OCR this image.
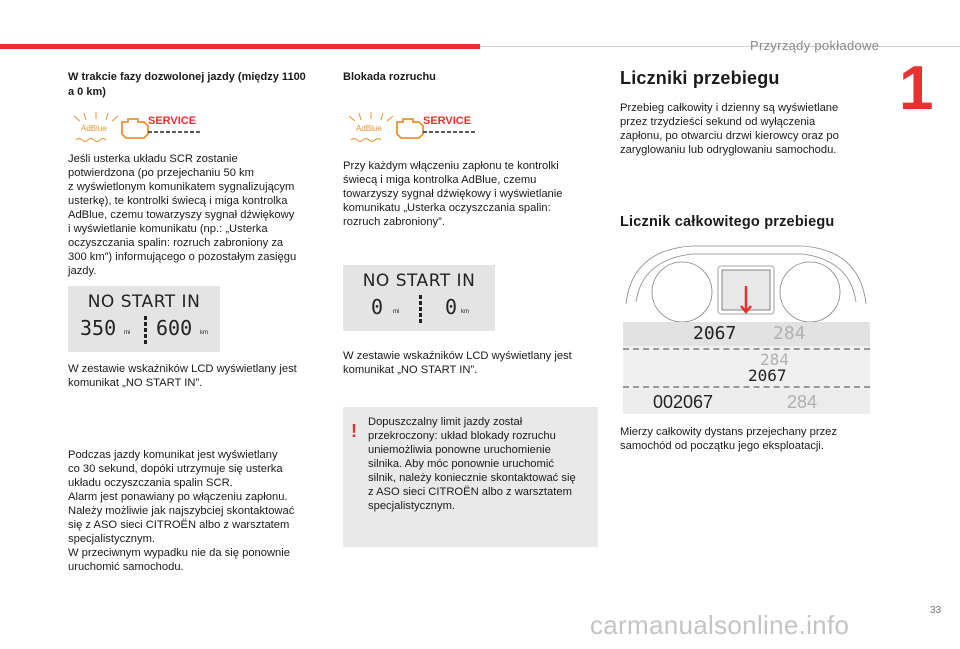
Przyrządy pokładowe
1
W trakcie fazy dozwolonej jazdy (między 1100 a 0 km)
AdBlue
SERVICE
Jeśli usterka układu SCR zostanie
potwierdzona (po przejechaniu 50 km
z wyświetlonym komunikatem sygnalizującym
usterkę), te kontrolki świecą i miga kontrolka
AdBlue, czemu towarzyszy sygnał dźwiękowy
i wyświetlanie komunikatu (np.: „Usterka
oczyszczania spalin: rozruch zabroniony za
300 km”) informującego o pozostałym zasięgu
jazdy.
NO START IN
350 mi 600 km
W zestawie wskaźników LCD wyświetlany jest
komunikat „NO START IN”.
Podczas jazdy komunikat jest wyświetlany
co 30 sekund, dopóki utrzymuje się usterka
układu oczyszczania spalin SCR.
Alarm jest ponawiany po włączeniu zapłonu.
Należy możliwie jak najszybciej skontaktować
się z ASO sieci CITROËN albo z warsztatem
specjalistycznym.
W przeciwnym wypadku nie da się ponownie
uruchomić samochodu.
Blokada rozruchu
AdBlue
SERVICE
Przy każdym włączeniu zapłonu te kontrolki
świecą i miga kontrolka AdBlue, czemu
towarzyszy sygnał dźwiękowy i wyświetlanie
komunikatu „Usterka oczyszczania spalin:
rozruch zabroniony”.
NO START IN
0 mi 0 km
W zestawie wskaźników LCD wyświetlany jest
komunikat „NO START IN”.
! Dopuszczalny limit jazdy został
przekroczony: układ blokady rozruchu
uniemożliwia ponowne uruchomienie
silnika. Aby móc ponownie uruchomić
silnik, należy koniecznie skontaktować się
z ASO sieci CITROËN albo z warsztatem
specjalistycznym.
Liczniki przebiegu
Przebieg całkowity i dzienny są wyświetlane
przez trzydzieści sekund od wyłączenia
zapłonu, po otwarciu drzwi kierowcy oraz po
zaryglowaniu lub odryglowaniu samochodu.
Licznik całkowitego przebiegu
2067 284
284
2067
002067	284
Mierzy całkowity dystans przejechany przez
samochód od początku jego eksploatacji.
33
carmanualsonline.info
